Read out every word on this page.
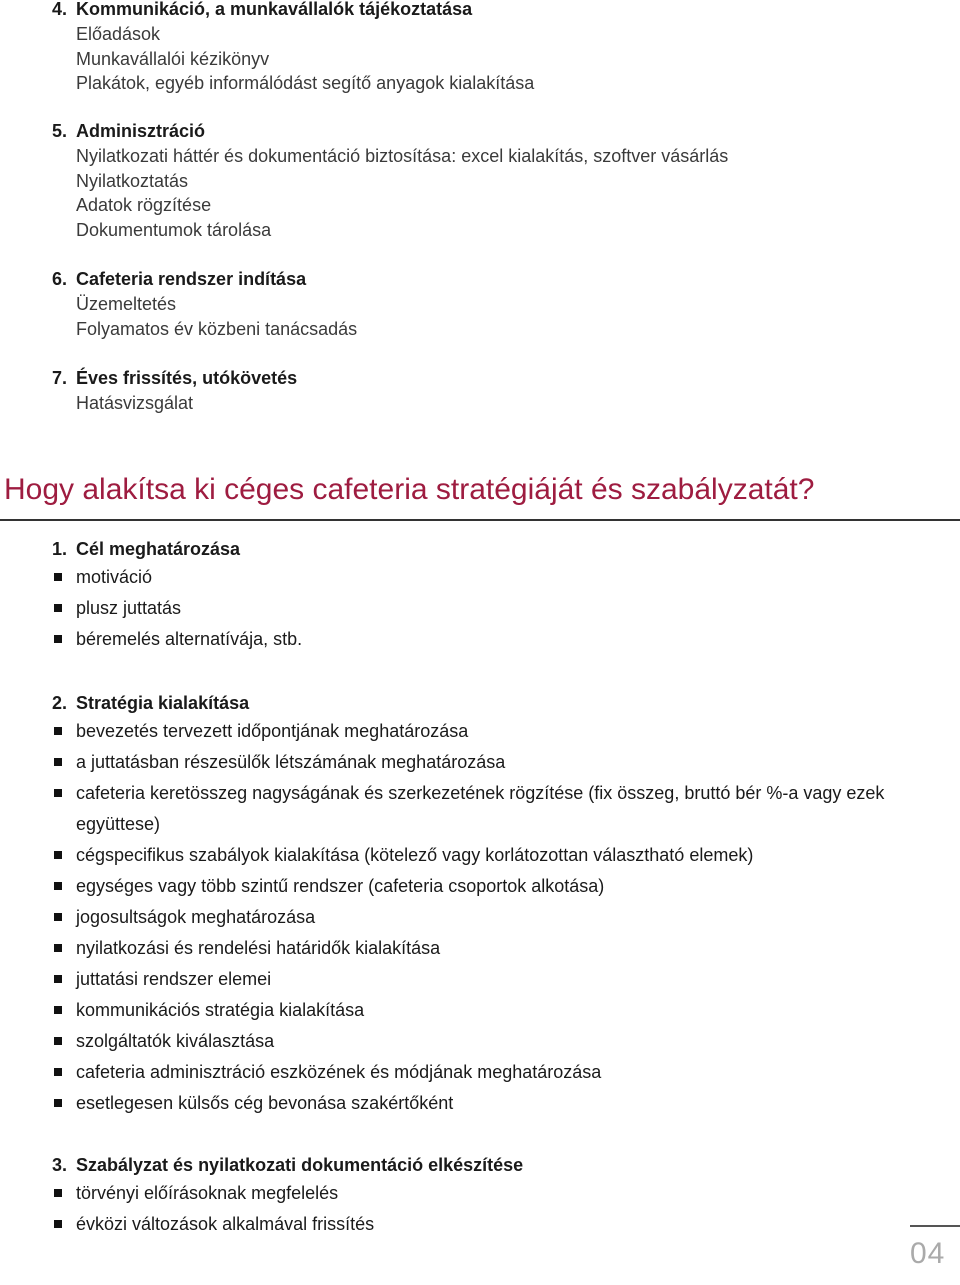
4. Kommunikáció, a munkavállalók tájékoztatása
Előadások
Munkavállalói kézikönyv
Plakátok, egyéb informálódást segítő anyagok kialakítása
5. Adminisztráció
Nyilatkozati háttér és dokumentáció biztosítása: excel kialakítás, szoftver vásárlás
Nyilatkoztatás
Adatok rögzítése
Dokumentumok tárolása
6. Cafeteria rendszer indítása
Üzemeltetés
Folyamatos év közbeni tanácsadás
7. Éves frissítés, utókövetés
Hatásvizsgálat
Hogy alakítsa ki céges cafeteria stratégiáját és szabályzatát?
1. Cél meghatározása
motiváció
plusz juttatás
béremelés alternatívája, stb.
2. Stratégia kialakítása
bevezetés tervezett időpontjának meghatározása
a juttatásban részesülők létszámának meghatározása
cafeteria keretösszeg nagyságának és szerkezetének rögzítése (fix összeg, bruttó bér %-a vagy ezek együttese)
cégspecifikus szabályok kialakítása (kötelező vagy korlátozottan választható elemek)
egységes vagy több szintű rendszer (cafeteria csoportok alkotása)
jogosultságok meghatározása
nyilatkozási és rendelési határidők kialakítása
juttatási rendszer elemei
kommunikációs stratégia kialakítása
szolgáltatók kiválasztása
cafeteria adminisztráció eszközének és módjának meghatározása
esetlegesen külsős cég bevonása szakértőként
3. Szabályzat és nyilatkozati dokumentáció elkészítése
törvényi előírásoknak megfelelés
évközi változások alkalmával frissítés
04
